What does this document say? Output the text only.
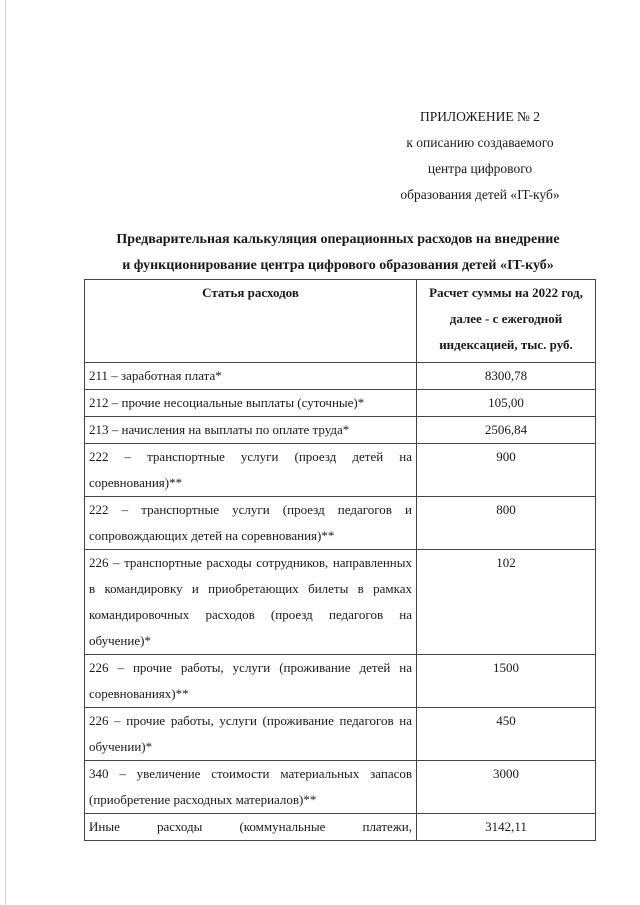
ПРИЛОЖЕНИЕ № 2
к описанию создаваемого
центра цифрового
образования детей «IT-куб»
Предварительная калькуляция операционных расходов на внедрение
и функционирование центра цифрового образования детей «IT-куб»
Статья расходов	Расчет суммы на 2022 год, далее - с ежегодной индексацией, тыс. руб.
211 – заработная плата*	8300,78
212 – прочие несоциальные выплаты (суточные)*	105,00
213 – начисления на выплаты по оплате труда*	2506,84
222 – транспортные услуги (проезд детей на соревнования)**	900
222 – транспортные услуги (проезд педагогов и сопровождающих детей на соревнования)**	800
226 – транспортные расходы сотрудников, направленных в командировку и приобретающих билеты в рамках командировочных расходов (проезд педагогов на обучение)*	102
226 – прочие работы, услуги (проживание детей на соревнованиях)**	1500
226 – прочие работы, услуги (проживание педагогов на обучении)*	450
340 – увеличение стоимости материальных запасов (приобретение расходных материалов)**	3000
Иные расходы (коммунальные платежи,	3142,11
